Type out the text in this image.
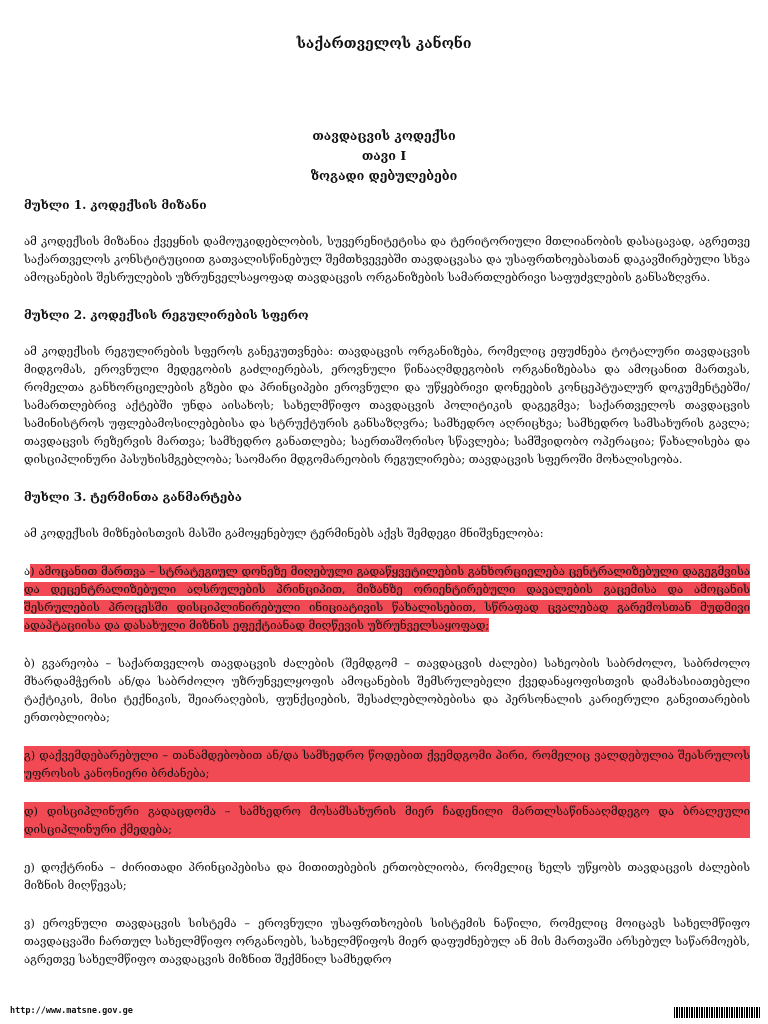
საქართველოს კანონი
თავდაცვის კოდექსი
თავი I
ზოგადი დებულებები
მუხლი 1. კოდექსის მიზანი
ამ კოდექსის მიზანია ქვეყნის დამოუკიდებლობის, სუვერენიტეტისა და ტერიტორიული მთლიანობის დასაცავად, აგრეთვე საქართველოს კონსტიტუციით გათვალისწინებულ შემთხვევებში თავდაცვასა და უსაფრთხოებასთან დაკავშირებული სხვა ამოცანების შესრულების უზრუნველსაყოფად თავდაცვის ორგანიზების სამართლებრივი საფუძვლების განსაზღვრა.
მუხლი 2. კოდექსის რეგულირების სფერო
ამ კოდექსის რეგულირების სფეროს განეკუთვნება: თავდაცვის ორგანიზება, რომელიც ეფუძნება ტოტალური თავდაცვის მიდგომას, ეროვნული მედეგობის გაძლიერებას, ეროვნული წინააღმდეგობის ორგანიზებასა და ამოცანით მართვას, რომელთა განხორციელების გზები და პრინციპები ეროვნული და უწყებრივი დონეების კონცეპტუალურ დოკუმენტებში/სამართლებრივ აქტებში უნდა აისახოს; სახელმწიფო თავდაცვის პოლიტიკის დაგეგმვა; საქართველოს თავდაცვის სამინისტროს უფლებამოსილებებისა და სტრუქტურის განსაზღვრა; სამხედრო აღრიცხვა; სამხედრო სამსახურის გავლა; თავდაცვის რეზერვის მართვა; სამხედრო განათლება; საერთაშორისო სწავლება; სამშვიდობო ოპერაცია; წახალისება და დისციპლინური პასუხისმგებლობა; საომარი მდგომარეობის რეგულირება; თავდაცვის სფეროში მოხალისეობა.
მუხლი 3. ტერმინთა განმარტება
ამ კოდექსის მიზნებისთვის მასში გამოყენებულ ტერმინებს აქვს შემდეგი მნიშვნელობა:
ა) ამოცანით მართვა – სტრატეგიულ დონეზე მიღებული გადაწყვეტილების განხორციელება ცენტრალიზებული დაგეგმვისა და დეცენტრალიზებული აღსრულების პრინციპით, მიზანზე ორიენტირებული დავალების გაცემისა და ამოცანის შესრულების პროცესში დისციპლინირებული ინიციატივის წახალისებით, სწრაფად ცვალებად გარემოსთან მუდმივი ადაპტაციისა და დასახული მიზნის ეფექტიანად მიღწევის უზრუნველსაყოფად;
ბ) გვარეობა – საქართველოს თავდაცვის ძალების (შემდგომ – თავდაცვის ძალები) სახეობის საბრძოლო, საბრძოლო მხარდამჭერის ან/და საბრძოლო უზრუნველყოფის ამოცანების შემსრულებელი ქვედანაყოფისთვის დამახასიათებელი ტაქტიკის, მისი ტექნიკის, შეიარაღების, ფუნქციების, შესაძლებლობებისა და პერსონალის კარიერული განვითარების ერთობლიობა;
გ) დაქვემდებარებული – თანამდებობით ან/და სამხედრო წოდებით ქვემდგომი პირი, რომელიც ვალდებულია შეასრულოს უფროსის კანონიერი ბრძანება;
დ) დისციპლინური გადაცდომა – სამხედრო მოსამსახურის მიერ ჩადენილი მართლსაწინააღმდეგო და ბრალეული დისციპლინური ქმედება;
ე) დოქტრინა – ძირითადი პრინციპებისა და მითითებების ერთობლიობა, რომელიც ხელს უწყობს თავდაცვის ძალების მიზნის მიღწევას;
ვ) ეროვნული თავდაცვის სისტემა – ეროვნული უსაფრთხოების სისტემის ნაწილი, რომელიც მოიცავს სახელმწიფო თავდაცვაში ჩართულ სახელმწიფო ორგანოებს, სახელმწიფოს მიერ დაფუძნებულ ან მის მართვაში არსებულ საწარმოებს, აგრეთვე სახელმწიფო თავდაცვის მიზნით შექმნილ სამხედრო
http://www.matsne.gov.ge
